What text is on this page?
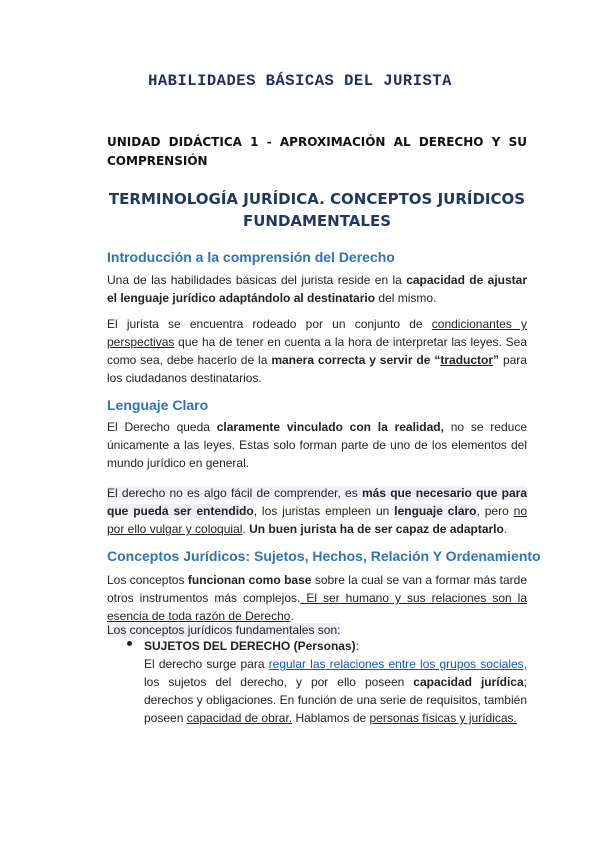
HABILIDADES BÁSICAS DEL JURISTA
UNIDAD DIDÁCTICA 1 - APROXIMACIÓN AL DERECHO Y SU
COMPRENSIÓN
TERMINOLOGÍA JURÍDICA. CONCEPTOS JURÍDICOS
FUNDAMENTALES
Introducción a la comprensión del Derecho
Una de las habilidades básicas del jurista reside en la capacidad de ajustar el lenguaje jurídico adaptándolo al destinatario del mismo.
El jurista se encuentra rodeado por un conjunto de condicionantes y perspectivas que ha de tener en cuenta a la hora de interpretar las leyes. Sea como sea, debe hacerlo de la manera correcta y servir de “traductor” para los ciudadanos destinatarios.
Lenguaje Claro
El Derecho queda claramente vinculado con la realidad, no se reduce únicamente a las leyes. Estas solo forman parte de uno de los elementos del mundo jurídico en general.
El derecho no es algo fácil de comprender, es más que necesario que para que pueda ser entendido, los juristas empleen un lenguaje claro, pero no por ello vulgar y coloquial. Un buen jurista ha de ser capaz de adaptarlo.
Conceptos Jurídicos: Sujetos, Hechos, Relación Y Ordenamiento
Los conceptos funcionan como base sobre la cual se van a formar más tarde otros instrumentos más complejos. El ser humano y sus relaciones son la esencia de toda razón de Derecho.
Los conceptos jurídicos fundamentales son:
SUJETOS DEL DERECHO (Personas):
El derecho surge para regular las relaciones entre los grupos sociales, los sujetos del derecho, y por ello poseen capacidad jurídica; derechos y obligaciones. En función de una serie de requisitos, también poseen capacidad de obrar. Hablamos de personas físicas y jurídicas.
